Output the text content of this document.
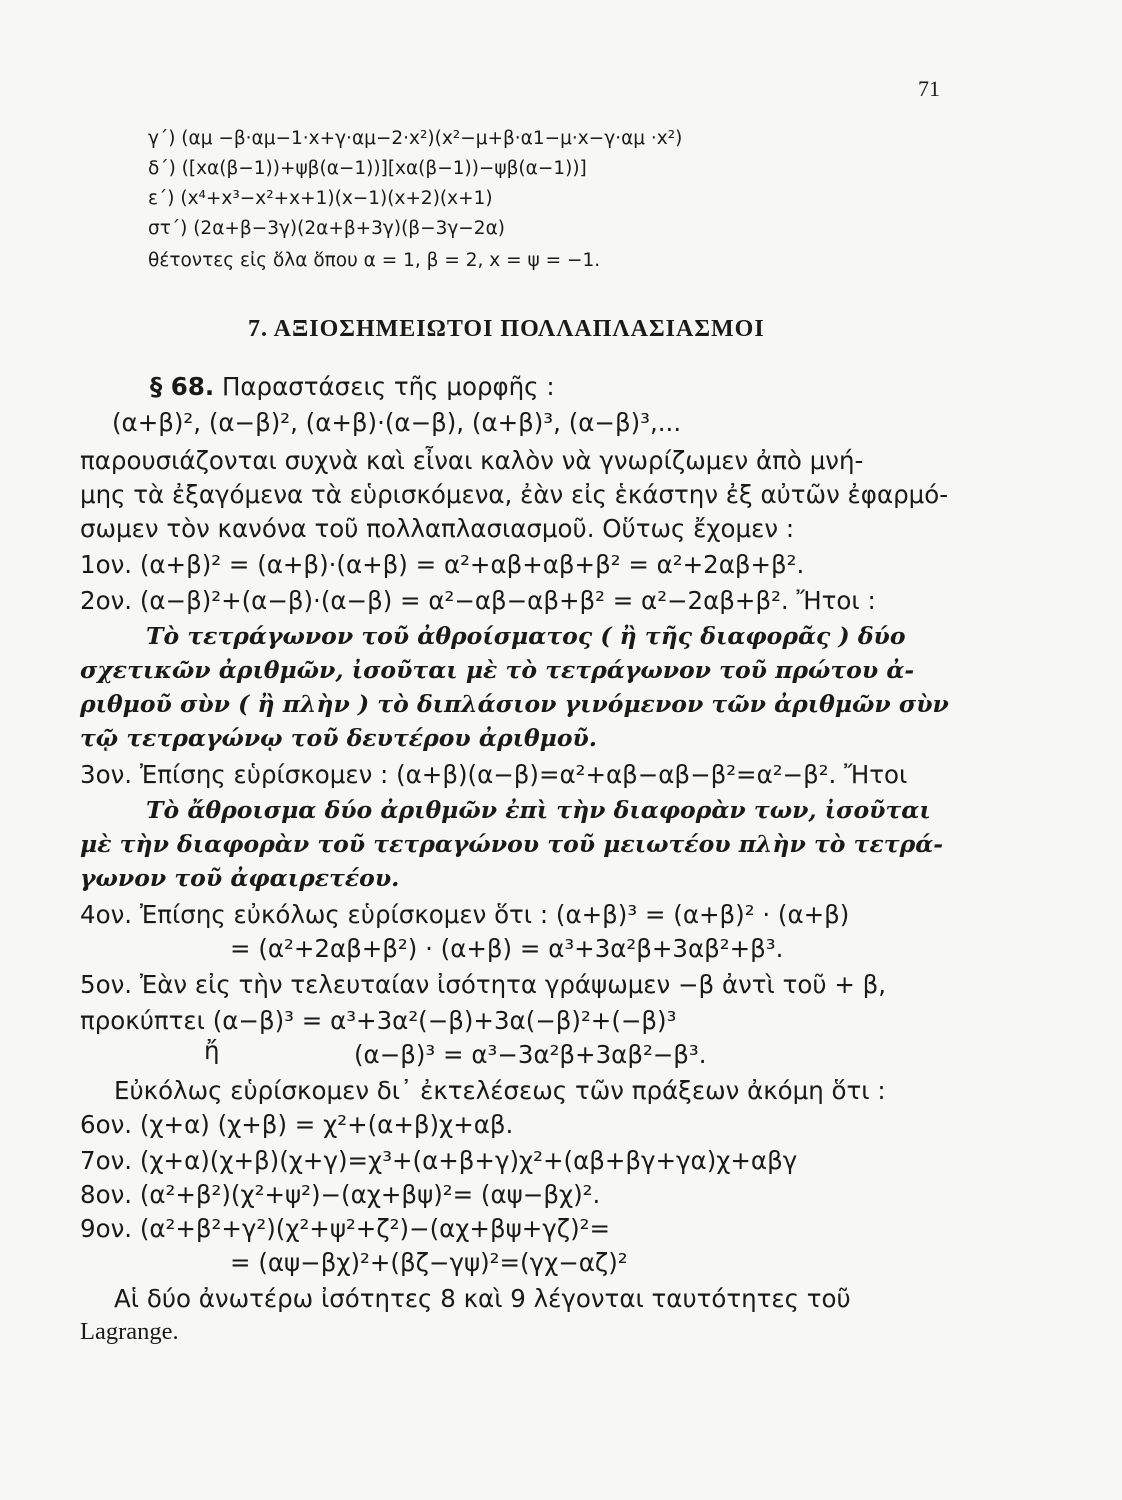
71
γ΄) (αμ −β·αμ−1·x+γ·αμ−2·x²)(x²−μ+β·α1−μ·x−γ·αμ ·x²)
δ΄) ([xα(β−1))+ψβ(α−1))][xα(β−1))−ψβ(α−1))]
ε΄) (x⁴+x³−x²+x+1)(x−1)(x+2)(x+1)
στ΄) (2α+β−3γ)(2α+β+3γ)(β−3γ−2α)
θέτοντες εἰς ὅλα ὅπου α = 1, β = 2, x = ψ = −1.
7. ΑΞΙΟΣΗΜΕΙΩΤΟΙ ΠΟΛΛΑΠΛΑΣΙΑΣΜΟΙ
§ 68. Παραστάσεις τῆς μορφῆς :
(α+β)², (α−β)², (α+β)·(α−β), (α+β)³, (α−β)³,...
παρουσιάζονται συχνὰ καὶ εἶναι καλὸν νὰ γνωρίζωμεν ἀπὸ μνή-
μης τὰ ἐξαγόμενα τὰ εὑρισκόμενα, ἐὰν εἰς ἑκάστην ἐξ αὐτῶν ἐφαρμό-
σωμεν τὸν κανόνα τοῦ πολλαπλασιασμοῦ. Οὕτως ἔχομεν :
1ον. (α+β)² = (α+β)·(α+β) = α²+αβ+αβ+β² = α²+2αβ+β².
2ον. (α−β)²+(α−β)·(α−β) = α²−αβ−αβ+β² = α²−2αβ+β². Ἤτοι :
Τὸ τετράγωνον τοῦ ἀθροίσματος ( ἢ τῆς διαφορᾶς ) δύο
σχετικῶν ἀριθμῶν, ἰσοῦται μὲ τὸ τετράγωνον τοῦ πρώτου ἀ-
ριθμοῦ σὺν ( ἢ πλὴν ) τὸ διπλάσιον γινόμενον τῶν ἀριθμῶν σὺν
τῷ τετραγώνῳ τοῦ δευτέρου ἀριθμοῦ.
3ον. Ἐπίσης εὑρίσκομεν : (α+β)(α−β)=α²+αβ−αβ−β²=α²−β². Ἤτοι
Τὸ ἄθροισμα δύο ἀριθμῶν ἐπὶ τὴν διαφορὰν των, ἰσοῦται
μὲ τὴν διαφορὰν τοῦ τετραγώνου τοῦ μειωτέου πλὴν τὸ τετρά-
γωνον τοῦ ἀφαιρετέου.
4ον. Ἐπίσης εὐκόλως εὑρίσκομεν ὅτι : (α+β)³ = (α+β)² · (α+β)
= (α²+2αβ+β²) · (α+β) = α³+3α²β+3αβ²+β³.
5ον. Ἐὰν εἰς τὴν τελευταίαν ἰσότητα γράψωμεν −β ἀντὶ τοῦ + β,
προκύπτει (α−β)³ = α³+3α²(−β)+3α(−β)²+(−β)³
ἤ	(α−β)³ = α³−3α²β+3αβ²−β³.
Εὐκόλως εὑρίσκομεν δι᾽ ἐκτελέσεως τῶν πράξεων ἀκόμη ὅτι :
6ον. (χ+α) (χ+β) = χ²+(α+β)χ+αβ.
7ον. (χ+α)(χ+β)(χ+γ)=χ³+(α+β+γ)χ²+(αβ+βγ+γα)χ+αβγ
8ον. (α²+β²)(χ²+ψ²)−(αχ+βψ)²= (αψ−βχ)².
9ον. (α²+β²+γ²)(χ²+ψ²+ζ²)−(αχ+βψ+γζ)²=
= (αψ−βχ)²+(βζ−γψ)²=(γχ−αζ)²
Αἱ δύο ἀνωτέρω ἰσότητες 8 καὶ 9 λέγονται ταυτότητες τοῦ
Lagrange.
